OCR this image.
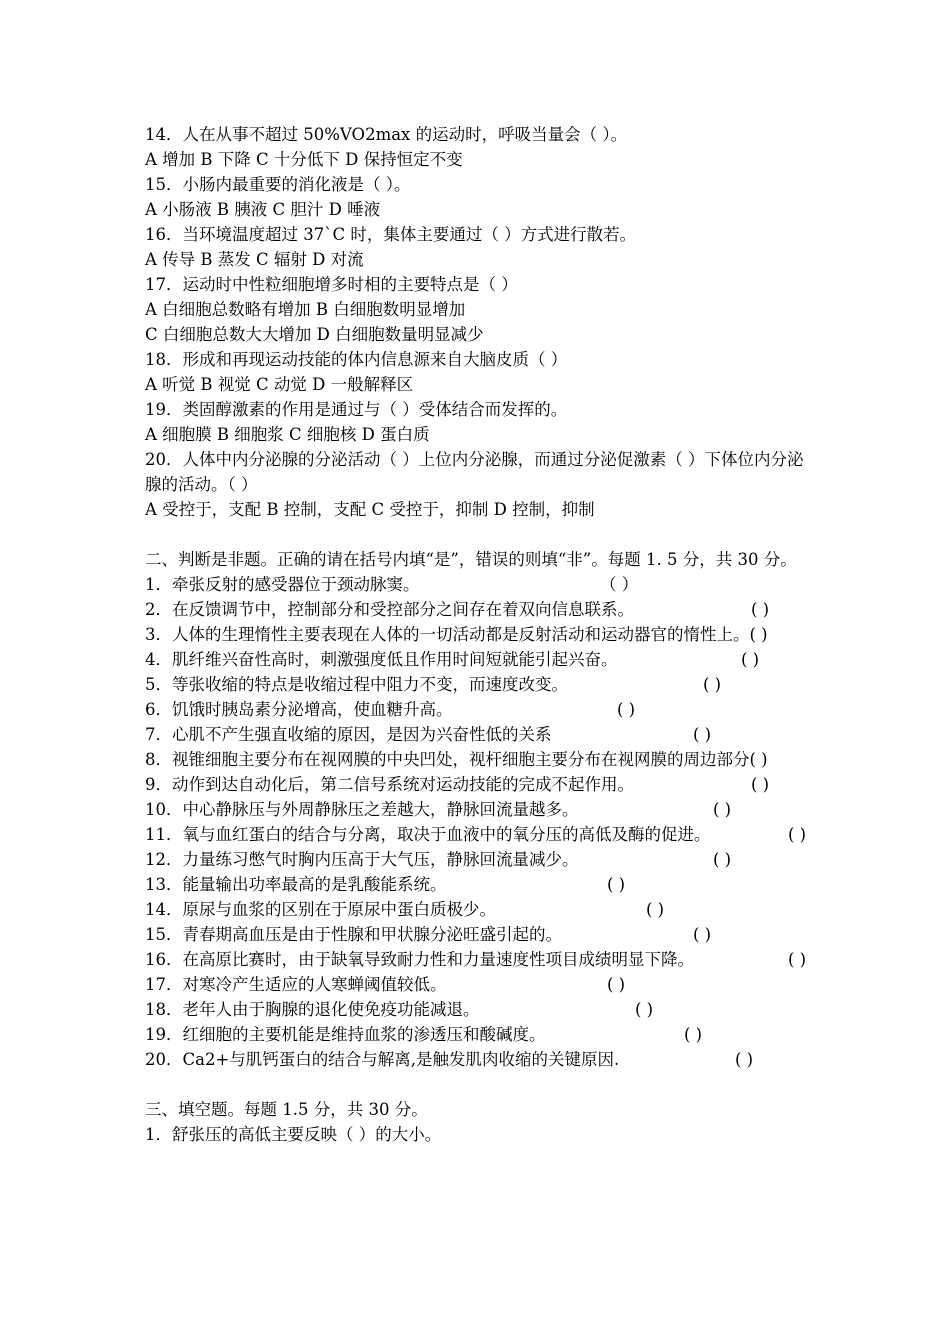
14．人在从事不超过 50%VO2max 的运动时，呼吸当量会（ ）。
A 增加 B 下降 C 十分低下 D 保持恒定不变
15．小肠内最重要的消化液是（ ）。
A 小肠液 B 胰液 C 胆汁 D 唾液
16．当环境温度超过 37`C 时，集体主要通过（ ）方式进行散若。
A 传导 B 蒸发 C 辐射 D 对流
17．运动时中性粒细胞增多时相的主要特点是（ ）
A 白细胞总数略有增加 B 白细胞数明显增加
C 白细胞总数大大增加 D 白细胞数量明显减少
18．形成和再现运动技能的体内信息源来自大脑皮质（ ）
A 听觉 B 视觉 C 动觉 D 一般解释区
19．类固醇激素的作用是通过与（ ）受体结合而发挥的。
A 细胞膜 B 细胞浆 C 细胞核 D 蛋白质
20．人体中内分泌腺的分泌活动（ ）上位内分泌腺，而通过分泌促激素（ ）下体位内分泌腺的活动。（ ）
A 受控于，支配 B 控制，支配 C 受控于，抑制 D 控制，抑制
二、判断是非题。正确的请在括号内填“是”，错误的则填“非”。每题 1. 5 分，共 30 分。
1．牵张反射的感受器位于颈动脉窦。	（ ）
2．在反馈调节中，控制部分和受控部分之间存在着双向信息联系。	( )
3．人体的生理惰性主要表现在人体的一切活动都是反射活动和运动器官的惰性上。( )
4．肌纤维兴奋性高时，刺激强度低且作用时间短就能引起兴奋。	( )
5．等张收缩的特点是收缩过程中阻力不变，而速度改变。	( )
6．饥饿时胰岛素分泌增高，使血糖升高。	( )
7．心肌不产生强直收缩的原因，是因为兴奋性低的关系	( )
8．视锥细胞主要分布在视网膜的中央凹处，视杆细胞主要分布在视网膜的周边部分( )
9．动作到达自动化后，第二信号系统对运动技能的完成不起作用。	( )
10．中心静脉压与外周静脉压之差越大，静脉回流量越多。	( )
11．氧与血红蛋白的结合与分离，取决于血液中的氧分压的高低及酶的促进。	( )
12．力量练习憋气时胸内压高于大气压，静脉回流量减少。	( )
13．能量输出功率最高的是乳酸能系统。	( )
14．原尿与血浆的区别在于原尿中蛋白质极少。	( )
15．青春期高血压是由于性腺和甲状腺分泌旺盛引起的。	( )
16．在高原比赛时，由于缺氧导致耐力性和力量速度性项目成绩明显下降。	( )
17．对寒冷产生适应的人寒蝉阈值较低。	( )
18．老年人由于胸腺的退化使免疫功能减退。	( )
19．红细胞的主要机能是维持血浆的渗透压和酸碱度。	( )
20．Ca2+与肌钙蛋白的结合与解离,是触发肌肉收缩的关键原因.	( )
三、填空题。每题 1.5 分，共 30 分。
1．舒张压的高低主要反映（ ）的大小。
